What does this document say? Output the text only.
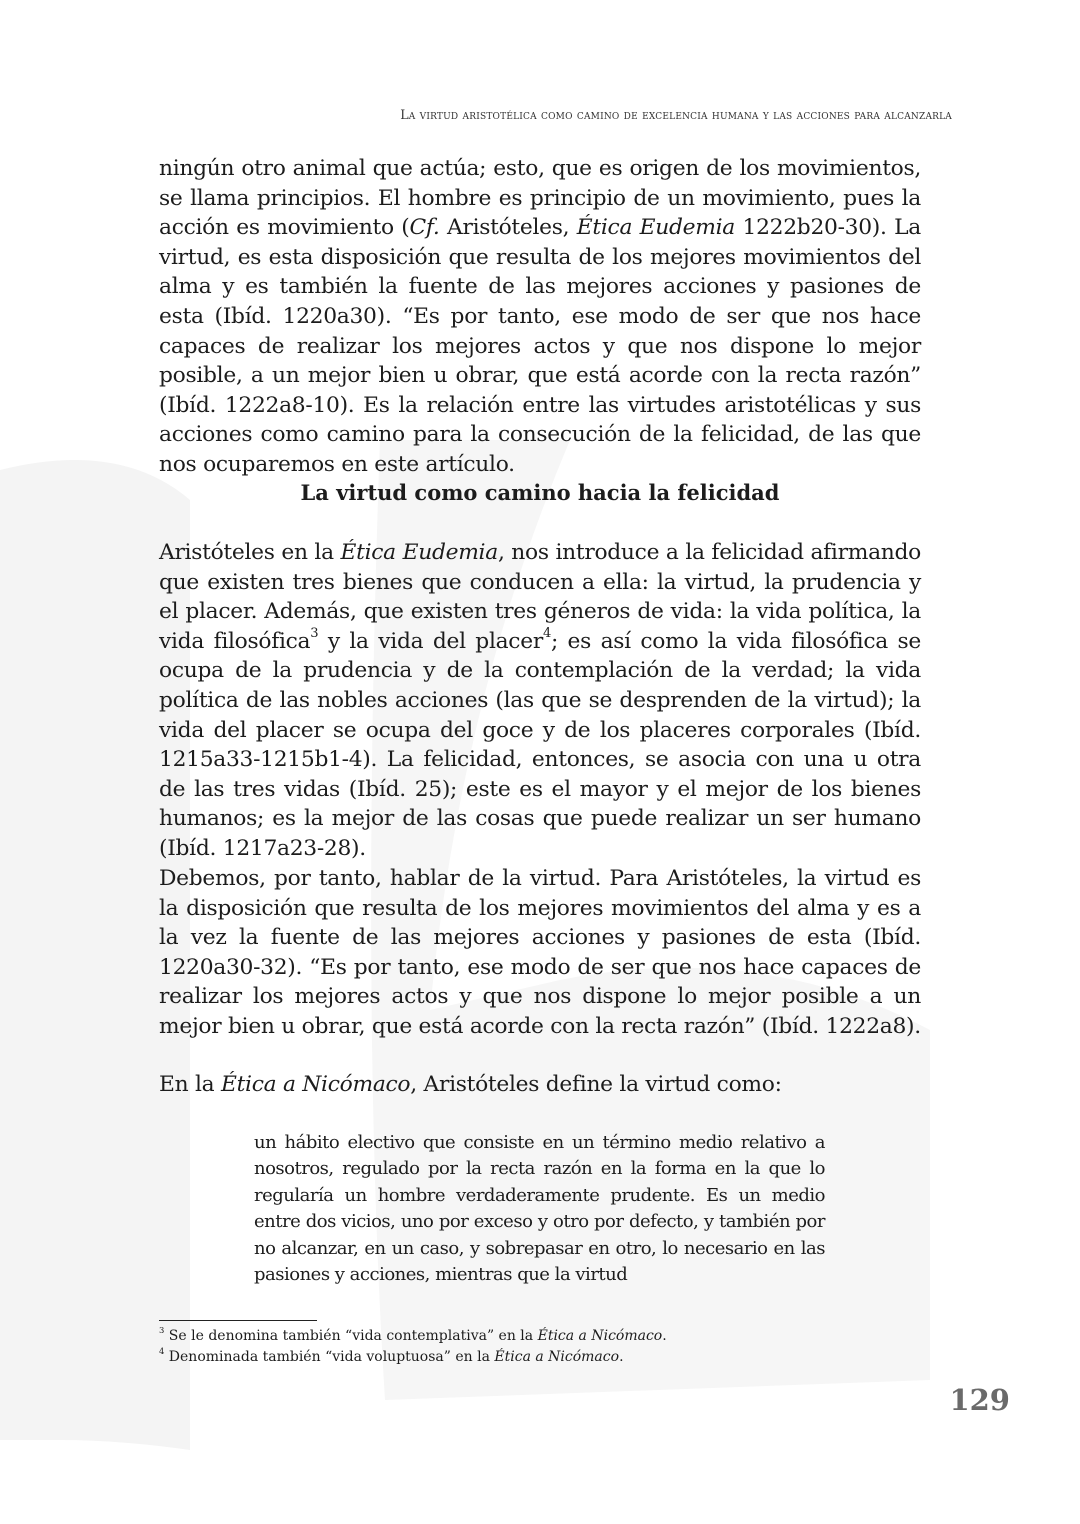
La virtud aristotélica como camino de excelencia humana y las acciones para alcanzarla

ningún otro animal que actúa; esto, que es origen de los movimientos, se llama principios. El hombre es principio de un movimiento, pues la acción es movimiento (Cf. Aristóteles, Ética Eudemia 1222b20-30). La virtud, es esta disposición que resulta de los mejores movimientos del alma y es también la fuente de las mejores acciones y pasiones de esta (Ibíd. 1220a30). “Es por tanto, ese modo de ser que nos hace capaces de realizar los mejores actos y que nos dispone lo mejor posible, a un mejor bien u obrar, que está acorde con la recta razón” (Ibíd. 1222a8-10). Es la relación entre las virtudes aristotélicas y sus acciones como camino para la consecución de la felicidad, de las que nos ocuparemos en este artículo.

La virtud como camino hacia la felicidad

Aristóteles en la Ética Eudemia, nos introduce a la felicidad afirmando que existen tres bienes que conducen a ella: la virtud, la prudencia y el placer. Además, que existen tres géneros de vida: la vida política, la vida filosófica$^3$ y la vida del placer$^4$; es así como la vida filosófica se ocupa de la prudencia y de la contemplación de la verdad; la vida política de las nobles acciones (las que se desprenden de la virtud); la vida del placer se ocupa del goce y de los placeres corporales (Ibíd. 1215a33-1215b1-4). La felicidad, entonces, se asocia con una u otra de las tres vidas (Ibíd. 25); este es el mayor y el mejor de los bienes humanos; es la mejor de las cosas que puede realizar un ser humano (Ibíd. 1217a23-28).

Debemos, por tanto, hablar de la virtud. Para Aristóteles, la virtud es la disposición que resulta de los mejores movimientos del alma y es a la vez la fuente de las mejores acciones y pasiones de esta (Ibíd. 1220a30-32). “Es por tanto, ese modo de ser que nos hace capaces de realizar los mejores actos y que nos dispone lo mejor posible a un mejor bien u obrar, que está acorde con la recta razón” (Ibíd. 1222a8).

En la Ética a Nicómaco, Aristóteles define la virtud como:

un hábito electivo que consiste en un término medio relativo a nosotros, regulado por la recta razón en la forma en la que lo regularía un hombre verdaderamente prudente. Es un medio entre dos vicios, uno por exceso y otro por defecto, y también por no alcanzar, en un caso, y sobrepasar en otro, lo necesario en las pasiones y acciones, mientras que la virtud
$^3$ Se le denomina también “vida contemplativa” en la Ética a Nicómaco.
$^4$ Denominada también “vida voluptuosa” en la Ética a Nicómaco.
129
